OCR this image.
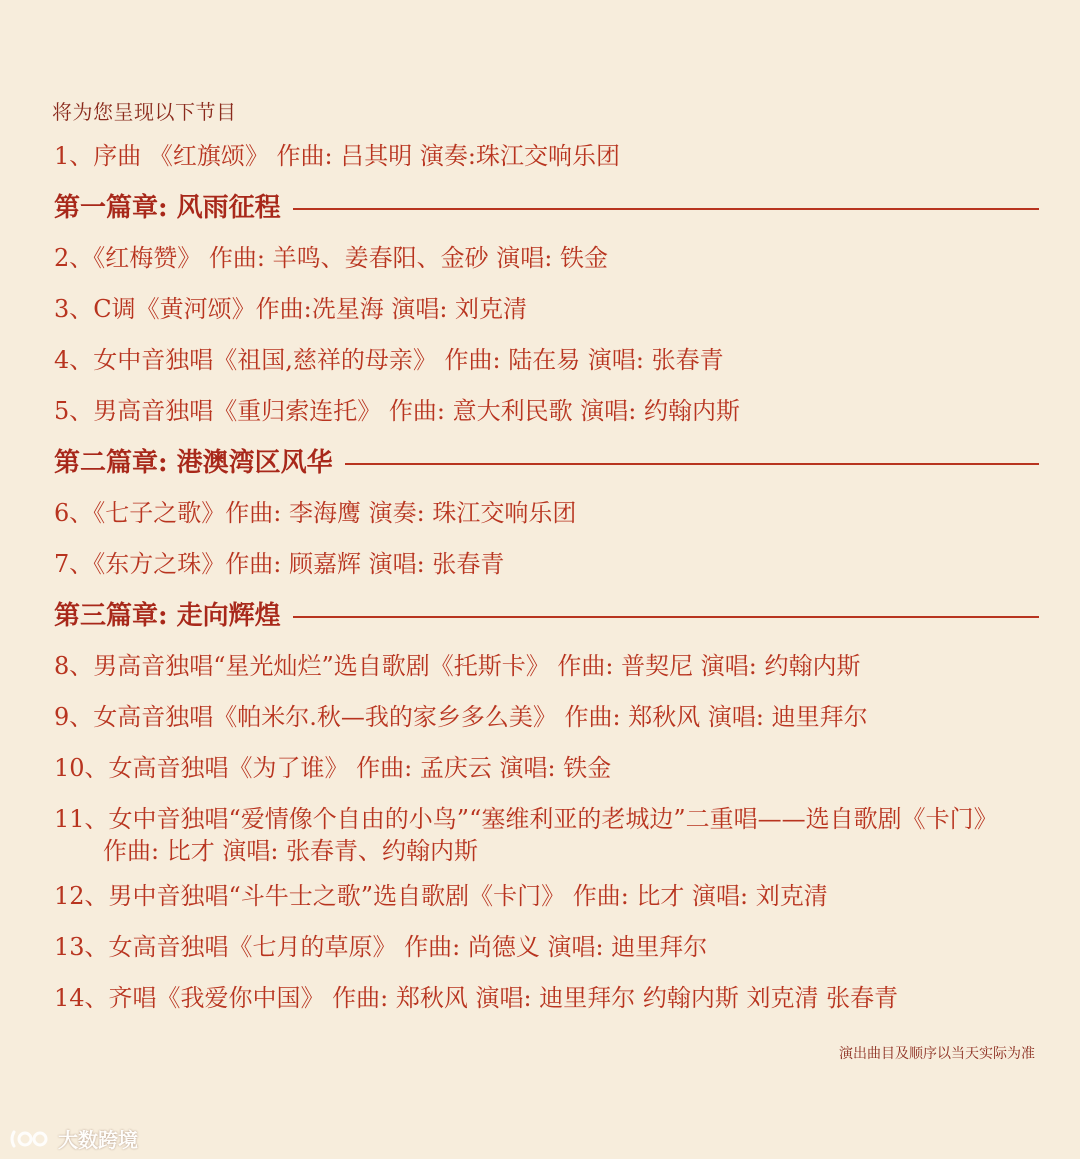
将为您呈现以下节目
1、序曲 《红旗颂》 作曲: 吕其明 演奏:珠江交响乐团
第一篇章: 风雨征程
2、《红梅赞》 作曲: 羊鸣、姜春阳、金砂 演唱: 铁金
3、C调《黄河颂》作曲:冼星海 演唱: 刘克清
4、女中音独唱《祖国,慈祥的母亲》 作曲: 陆在易 演唱: 张春青
5、男高音独唱《重归索连托》 作曲: 意大利民歌 演唱: 约翰内斯
第二篇章: 港澳湾区风华
6、《七子之歌》作曲: 李海鹰 演奏: 珠江交响乐团
7、《东方之珠》作曲: 顾嘉辉 演唱: 张春青
第三篇章: 走向辉煌
8、男高音独唱“星光灿烂”选自歌剧《托斯卡》 作曲: 普契尼 演唱: 约翰内斯
9、女高音独唱《帕米尔.秋—我的家乡多么美》 作曲: 郑秋风 演唱: 迪里拜尔
10、女高音独唱《为了谁》 作曲: 孟庆云 演唱: 铁金
11、女中音独唱“爱情像个自由的小鸟”“塞维利亚的老城边”二重唱——选自歌剧《卡门》作曲: 比才 演唱: 张春青、约翰内斯
12、男中音独唱“斗牛士之歌”选自歌剧《卡门》 作曲: 比才 演唱: 刘克清
13、女高音独唱《七月的草原》 作曲: 尚德义 演唱: 迪里拜尔
14、齐唱《我爱你中国》 作曲: 郑秋风 演唱: 迪里拜尔 约翰内斯 刘克清 张春青
演出曲目及顺序以当天实际为准
大数跨境
